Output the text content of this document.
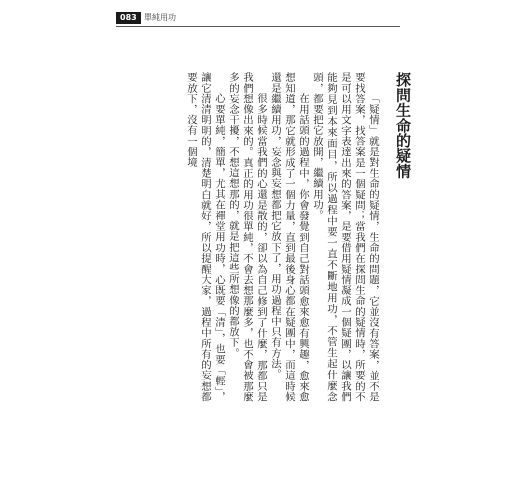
083 單純用功
探問生命的疑情

「疑情」就是對生命的疑情，生命的問題，它並沒有答案，並不是要找答案，找答案是一個疑問；當我們在探問生命的疑情時，所要的不是可以用文字表達出來的答案，是要借用疑情凝成一個疑團，以讓我們能夠見到本來面目，所以過程中要一直不斷地用功，不管生起什麼念頭，都要把它放開，繼續用功。

在用話頭的過程中，你會發覺到自己對話頭愈來愈有興趣，愈來愈想知道，那它就形成了一個力量，直到最後身心都在疑團中，而這時候還是繼續用功，妄念與妄想都把它放下了，用功過程中只有方法。

很多時候當我們的心還是散的，卻以為自己修到了什麼，那都只是我們想像出來的。真正的用功很單純，不會去想那麼多，也不會被那麼多的妄念干擾，不想這想那的，就是把這些所想像的都放下。

心要單純，簡單，尤其在禪堂用功時，心既要「清」，也要「輕」，讓它清清明明的，清楚明白就好，所以提醒大家，過程中所有的妄想都要放下，沒有一個境
